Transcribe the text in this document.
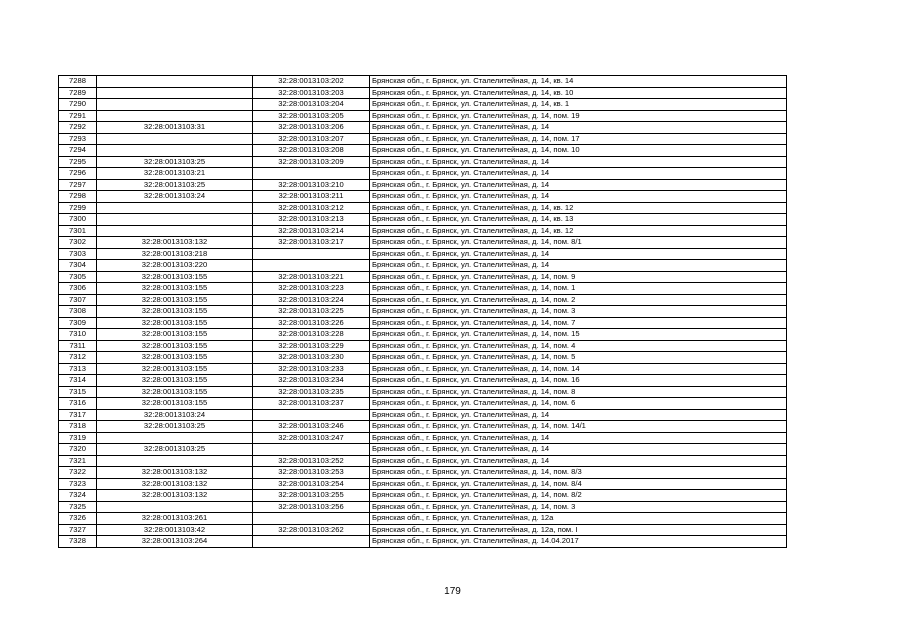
7288		32:28:0013103:202	Брянская обл., г. Брянск, ул. Сталелитейная, д. 14, кв. 14
7289		32:28:0013103:203	Брянская обл., г. Брянск, ул. Сталелитейная, д. 14, кв. 10
7290		32:28:0013103:204	Брянская обл., г. Брянск, ул. Сталелитейная, д. 14, кв. 1
7291		32:28:0013103:205	Брянская обл., г. Брянск, ул. Сталелитейная, д. 14, пом. 19
7292	32:28:0013103:31	32:28:0013103:206	Брянская обл., г. Брянск, ул. Сталелитейная, д. 14
7293		32:28:0013103:207	Брянская обл., г. Брянск, ул. Сталелитейная, д. 14, пом. 17
7294		32:28:0013103:208	Брянская обл., г. Брянск, ул. Сталелитейная, д. 14, пом. 10
7295	32:28:0013103:25	32:28:0013103:209	Брянская обл., г. Брянск, ул. Сталелитейная, д. 14
7296	32:28:0013103:21		Брянская обл., г. Брянск, ул. Сталелитейная, д. 14
7297	32:28:0013103:25	32:28:0013103:210	Брянская обл., г. Брянск, ул. Сталелитейная, д. 14
7298	32:28:0013103:24	32:28:0013103:211	Брянская обл., г. Брянск, ул. Сталелитейная, д. 14
7299		32:28:0013103:212	Брянская обл., г. Брянск, ул. Сталелитейная, д. 14, кв. 12
7300		32:28:0013103:213	Брянская обл., г. Брянск, ул. Сталелитейная, д. 14, кв. 13
7301		32:28:0013103:214	Брянская обл., г. Брянск, ул. Сталелитейная, д. 14, кв. 12
7302	32:28:0013103:132	32:28:0013103:217	Брянская обл., г. Брянск, ул. Сталелитейная, д. 14, пом. 8/1
7303	32:28:0013103:218		Брянская обл., г. Брянск, ул. Сталелитейная, д. 14
7304	32:28:0013103:220		Брянская обл., г. Брянск, ул. Сталелитейная, д. 14
7305	32:28:0013103:155	32:28:0013103:221	Брянская обл., г. Брянск, ул. Сталелитейная, д. 14, пом. 9
7306	32:28:0013103:155	32:28:0013103:223	Брянская обл., г. Брянск, ул. Сталелитейная, д. 14, пом. 1
7307	32:28:0013103:155	32:28:0013103:224	Брянская обл., г. Брянск, ул. Сталелитейная, д. 14, пом. 2
7308	32:28:0013103:155	32:28:0013103:225	Брянская обл., г. Брянск, ул. Сталелитейная, д. 14, пом. 3
7309	32:28:0013103:155	32:28:0013103:226	Брянская обл., г. Брянск, ул. Сталелитейная, д. 14, пом. 7
7310	32:28:0013103:155	32:28:0013103:228	Брянская обл., г. Брянск, ул. Сталелитейная, д. 14, пом. 15
7311	32:28:0013103:155	32:28:0013103:229	Брянская обл., г. Брянск, ул. Сталелитейная, д. 14, пом. 4
7312	32:28:0013103:155	32:28:0013103:230	Брянская обл., г. Брянск, ул. Сталелитейная, д. 14, пом. 5
7313	32:28:0013103:155	32:28:0013103:233	Брянская обл., г. Брянск, ул. Сталелитейная, д. 14, пом. 14
7314	32:28:0013103:155	32:28:0013103:234	Брянская обл., г. Брянск, ул. Сталелитейная, д. 14, пом. 16
7315	32:28:0013103:155	32:28:0013103:235	Брянская обл., г. Брянск, ул. Сталелитейная, д. 14, пом. 8
7316	32:28:0013103:155	32:28:0013103:237	Брянская обл., г. Брянск, ул. Сталелитейная, д. 14, пом. 6
7317	32:28:0013103:24		Брянская обл., г. Брянск, ул. Сталелитейная, д. 14
7318	32:28:0013103:25	32:28:0013103:246	Брянская обл., г. Брянск, ул. Сталелитейная, д. 14, пом. 14/1
7319		32:28:0013103:247	Брянская обл., г. Брянск, ул. Сталелитейная, д. 14
7320	32:28:0013103:25		Брянская обл., г. Брянск, ул. Сталелитейная, д. 14
7321		32:28:0013103:252	Брянская обл., г. Брянск, ул. Сталелитейная, д. 14
7322	32:28:0013103:132	32:28:0013103:253	Брянская обл., г. Брянск, ул. Сталелитейная, д. 14, пом. 8/3
7323	32:28:0013103:132	32:28:0013103:254	Брянская обл., г. Брянск, ул. Сталелитейная, д. 14, пом. 8/4
7324	32:28:0013103:132	32:28:0013103:255	Брянская обл., г. Брянск, ул. Сталелитейная, д. 14, пом. 8/2
7325		32:28:0013103:256	Брянская обл., г. Брянск, ул. Сталелитейная, д. 14, пом. 3
7326	32:28:0013103:261		Брянская обл., г. Брянск, ул. Сталелитейная, д. 12а
7327	32:28:0013103:42	32:28:0013103:262	Брянская обл., г. Брянск, ул. Сталелитейная, д. 12а, пом. I
7328	32:28:0013103:264		Брянская обл., г. Брянск, ул. Сталелитейная, д. 14.04.2017
179
